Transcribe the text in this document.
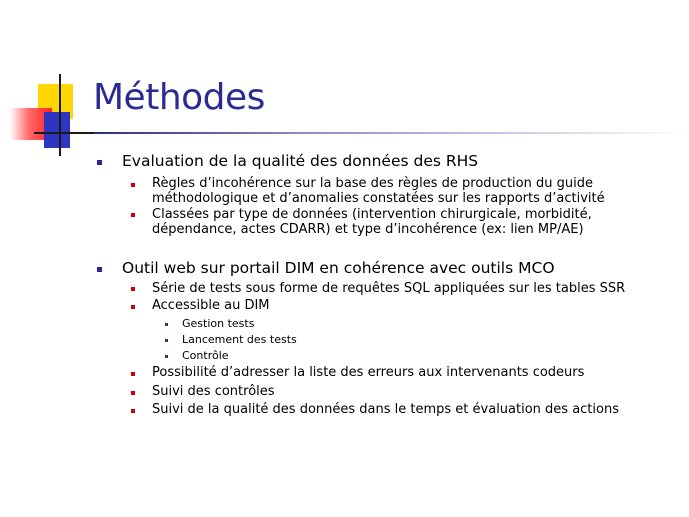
Méthodes
Evaluation de la qualité des données des RHS
Règles d’incohérence sur la base des règles de production du guide
méthodologique et d’anomalies constatées sur les rapports d’activité
Classées par type de données (intervention chirurgicale, morbidité,
dépendance, actes CDARR) et type d’incohérence (ex: lien MP/AE)
Outil web sur portail DIM en cohérence avec outils MCO
Série de tests sous forme de requêtes SQL appliquées sur les tables SSR
Accessible au DIM
Gestion tests
Lancement des tests
Contrôle
Possibilité d’adresser la liste des erreurs aux intervenants codeurs
Suivi des contrôles
Suivi de la qualité des données dans le temps et évaluation des actions
